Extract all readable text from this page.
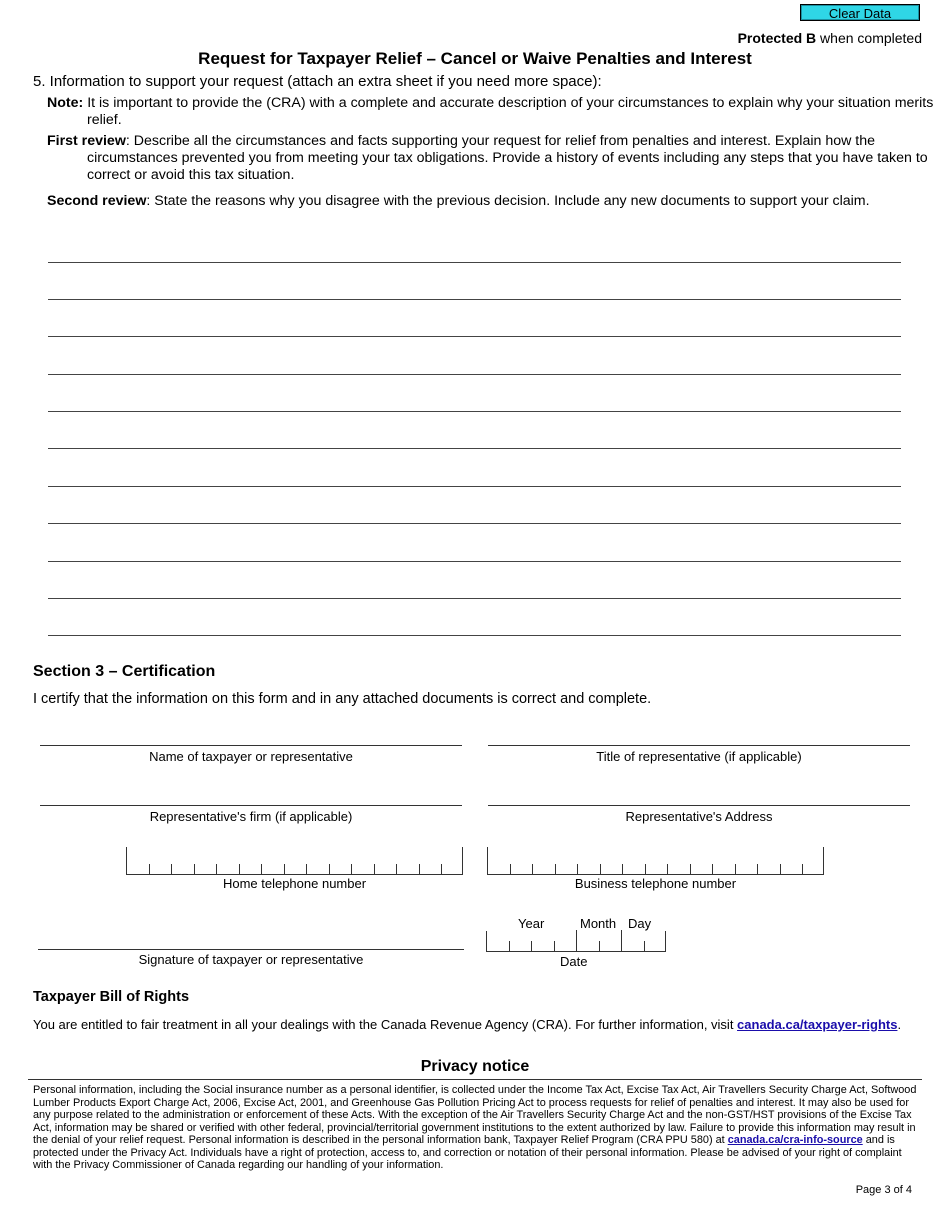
Clear Data
Protected B when completed
Request for Taxpayer Relief – Cancel or Waive Penalties and Interest
5. Information to support your request (attach an extra sheet if you need more space):
Note: It is important to provide the (CRA) with a complete and accurate description of your circumstances to explain why your situation merits relief.
First review: Describe all the circumstances and facts supporting your request for relief from penalties and interest. Explain how the circumstances prevented you from meeting your tax obligations. Provide a history of events including any steps that you have taken to correct or avoid this tax situation.
Second review: State the reasons why you disagree with the previous decision. Include any new documents to support your claim.
Section 3 – Certification
I certify that the information on this form and in any attached documents is correct and complete.
Name of taxpayer or representative	Title of representative (if applicable)
Representative's firm (if applicable)	Representative's Address
Home telephone number	Business telephone number
Signature of taxpayer or representative
Year	Month Day
Date
Taxpayer Bill of Rights
You are entitled to fair treatment in all your dealings with the Canada Revenue Agency (CRA). For further information, visit canada.ca/taxpayer-rights.
Privacy notice
Personal information, including the Social insurance number as a personal identifier, is collected under the Income Tax Act, Excise Tax Act, Air Travellers Security Charge Act, Softwood Lumber Products Export Charge Act, 2006, Excise Act, 2001, and Greenhouse Gas Pollution Pricing Act to process requests for relief of penalties and interest. It may also be used for any purpose related to the administration or enforcement of these Acts. With the exception of the Air Travellers Security Charge Act and the non-GST/HST provisions of the Excise Tax Act, information may be shared or verified with other federal, provincial/territorial government institutions to the extent authorized by law. Failure to provide this information may result in the denial of your relief request. Personal information is described in the personal information bank, Taxpayer Relief Program (CRA PPU 580) at canada.ca/cra-info-source and is protected under the Privacy Act. Individuals have a right of protection, access to, and correction or notation of their personal information. Please be advised of your right of complaint with the Privacy Commissioner of Canada regarding our handling of your information.
Page 3 of 4
